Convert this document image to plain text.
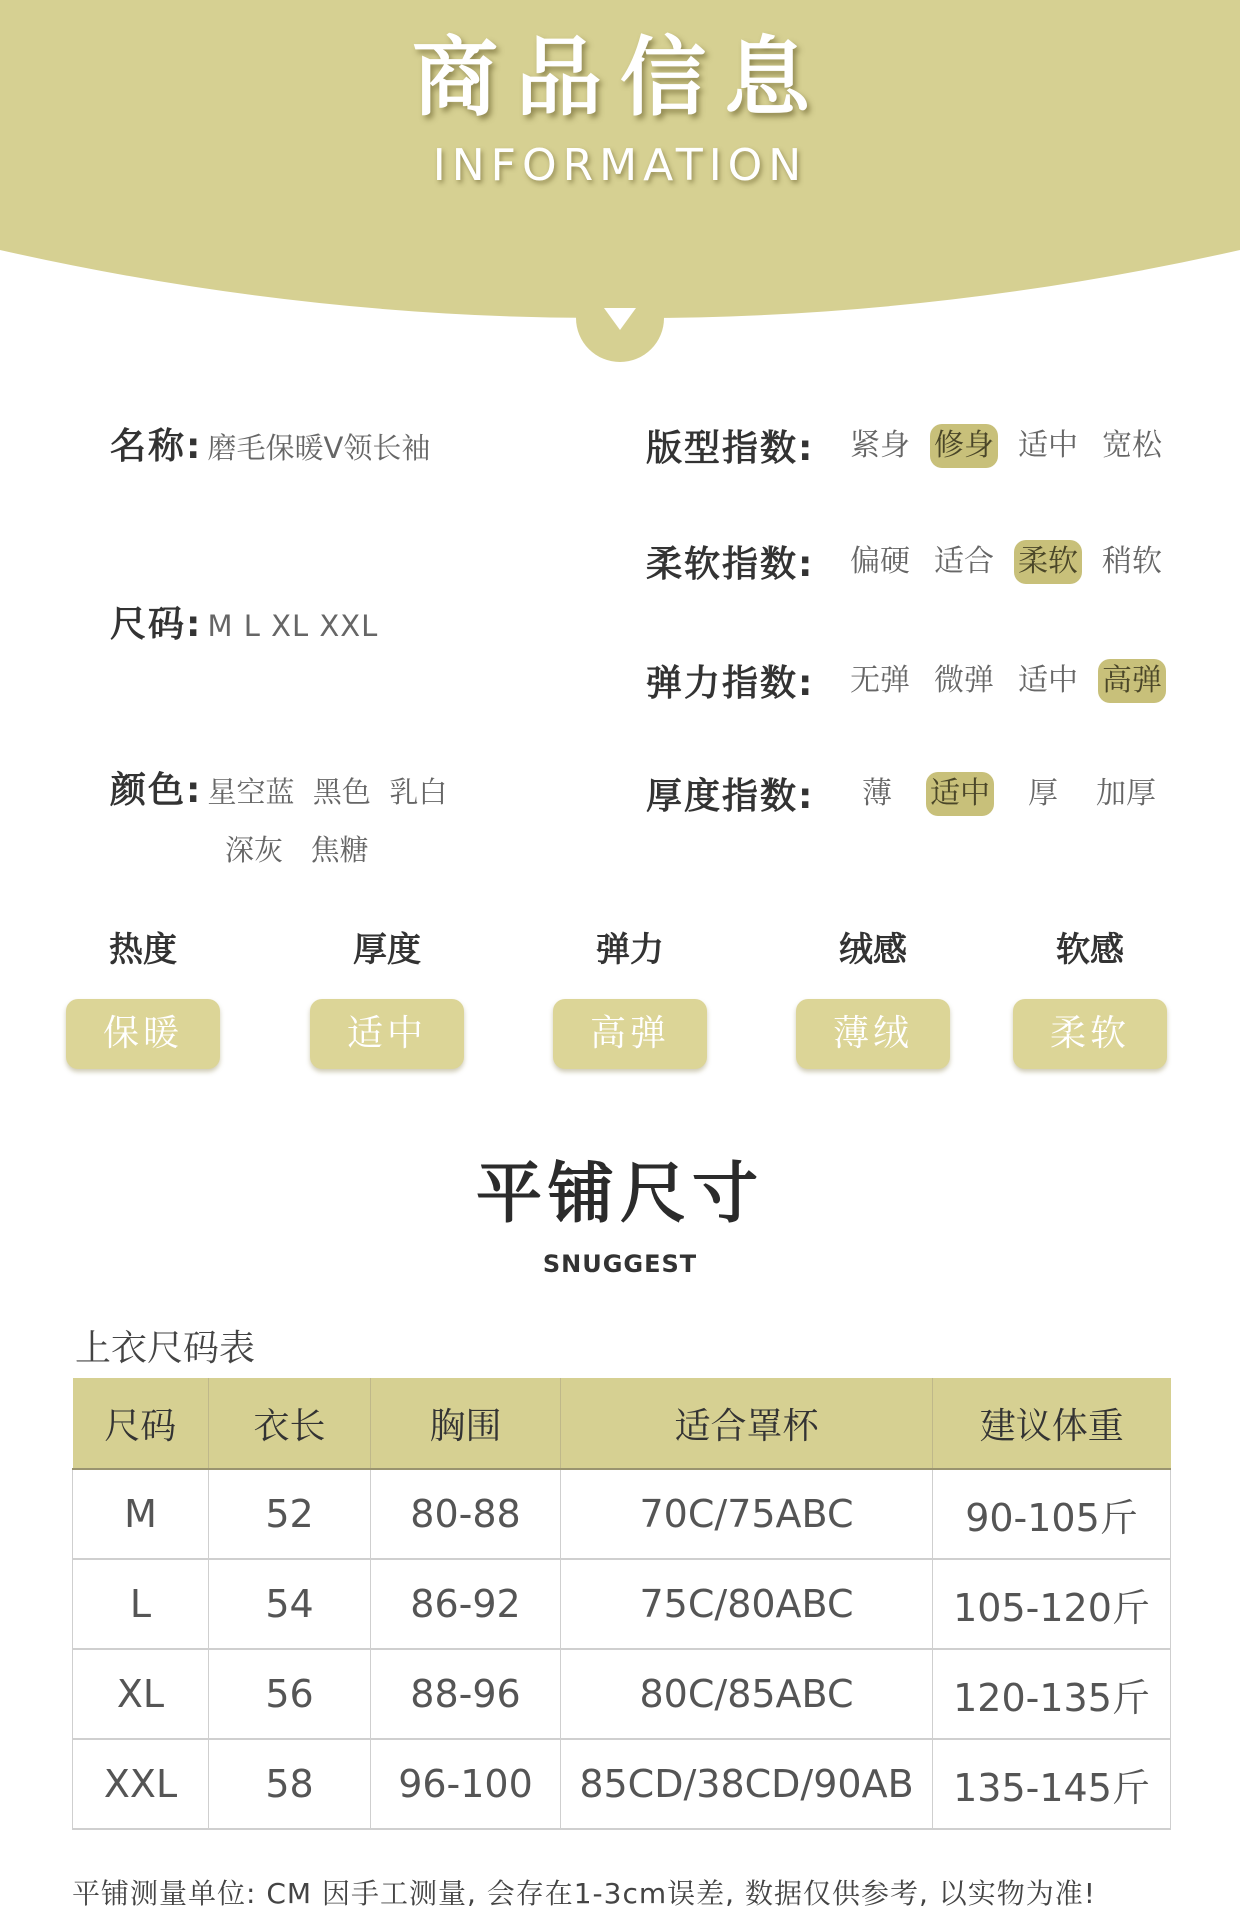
商品信息
INFORMATION
名称: 磨毛保暖V领长袖
尺码: M L XL XXL
颜色: 星空蓝  黑色  乳白
深灰   焦糖
版型指数:	紧身 修身 适中 宽松
柔软指数:	偏硬 适合 柔软 稍软
弹力指数:	无弹 微弹 适中 高弹
厚度指数:	薄	适中	厚	加厚
热度
保暖
厚度
适中
弹力
高弹
绒感
薄绒
软感
柔软
平铺尺寸
SNUGGEST
上衣尺码表
尺码	衣长	胸围	适合罩杯	建议体重
M	52	80-88	70C/75ABC	90-105斤
L	54	86-92	75C/80ABC	105-120斤
XL	56	88-96	80C/85ABC	120-135斤
XXL	58	96-100	85CD/38CD/90AB	135-145斤
平铺测量单位: CM 因手工测量, 会存在1-3cm误差, 数据仅供参考, 以实物为准!
